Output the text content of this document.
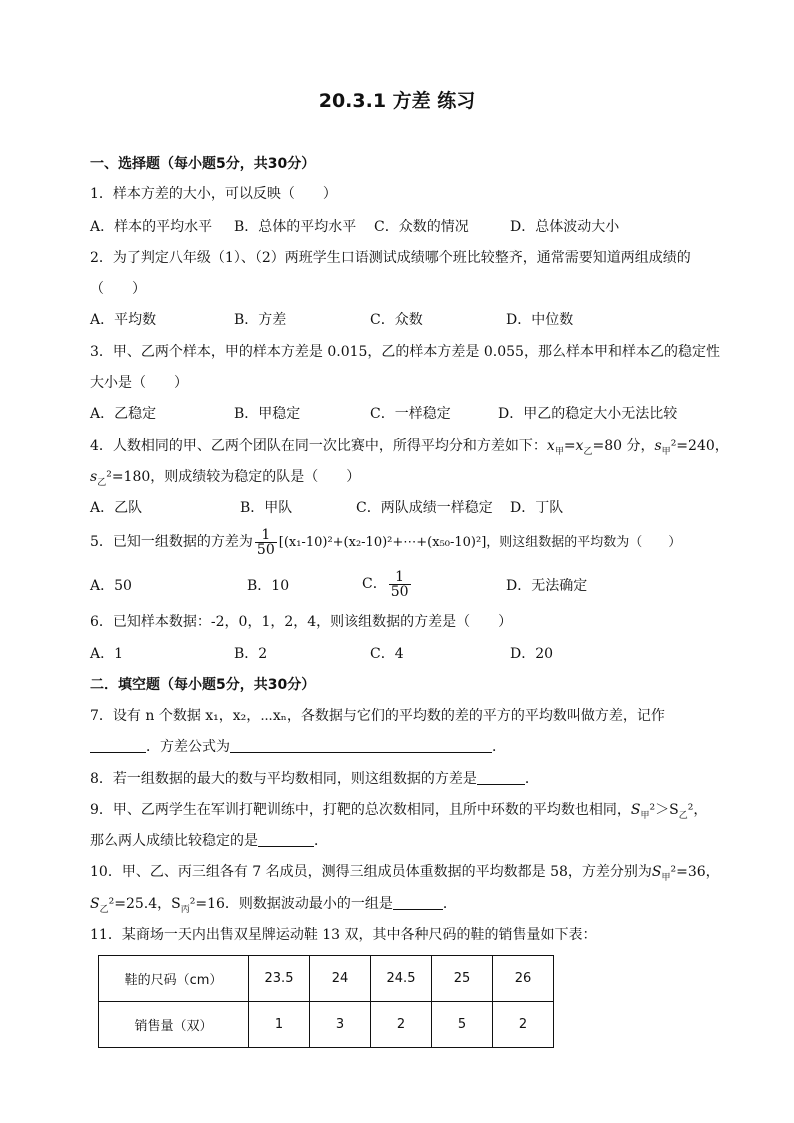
20.3.1 方差 练习
一、选择题（每小题5分，共30分）
1．样本方差的大小，可以反映（　　）
A．样本的平均水平 B．总体的平均水平 C．众数的情况	D．总体波动大小
2．为了判定八年级（1）、（2）两班学生口语测试成绩哪个班比较整齐，通常需要知道两组成绩的
（　　）
A．平均数	B．方差	C．众数	D．中位数
3．甲、乙两个样本，甲的样本方差是 0.015，乙的样本方差是 0.055，那么样本甲和样本乙的稳定性
大小是（　　）
A．乙稳定	B．甲稳定	C．一样稳定	D．甲乙的稳定大小无法比较
4．人数相同的甲、乙两个团队在同一次比赛中，所得平均分和方差如下：$x_甲=x_乙=80$ 分，$s_甲^2=240$，
$s_乙^2=180$，则成绩较为稳定的队是（　　）
A．乙队	B．甲队	C．两队成绩一样稳定 D．丁队
5．已知一组数据的方差为 $\frac{1}{50}$ [(x₁-10)²+(x₂-10)²+⋯+(x₅₀-10)²]，则这组数据的平均数为（　　）
A．50	B．10	C． $\frac{1}{50}$	D．无法确定
6．已知样本数据：-2，0，1，2，4，则该组数据的方差是（　　）
A．1	B．2	C．4	D．20
二．填空题（每小题5分，共30分）
7．设有 n 个数据 x₁，x₂，⋯xₙ，各数据与它们的平均数的差的平方的平均数叫做方差，记作
．方差公式为	．
8．若一组数据的最大的数与平均数相同，则这组数据的方差是	．
9．甲、乙两学生在军训打靶训练中，打靶的总次数相同，且所中环数的平均数也相同，$S_甲^2>S_乙^2$，
那么两人成绩比较稳定的是	．
10．甲、乙、丙三组各有 7 名成员，测得三组成员体重数据的平均数都是 58，方差分别为$S_甲^2=36$，
$S_乙^2=25.4$，$S_丙^2=16$．则数据波动最小的一组是	．
11．某商场一天内出售双星牌运动鞋 13 双，其中各种尺码的鞋的销售量如下表：
鞋的尺码（cm）	23.5	24	24.5	25	26
销售量（双）	1	3	2	5	2
